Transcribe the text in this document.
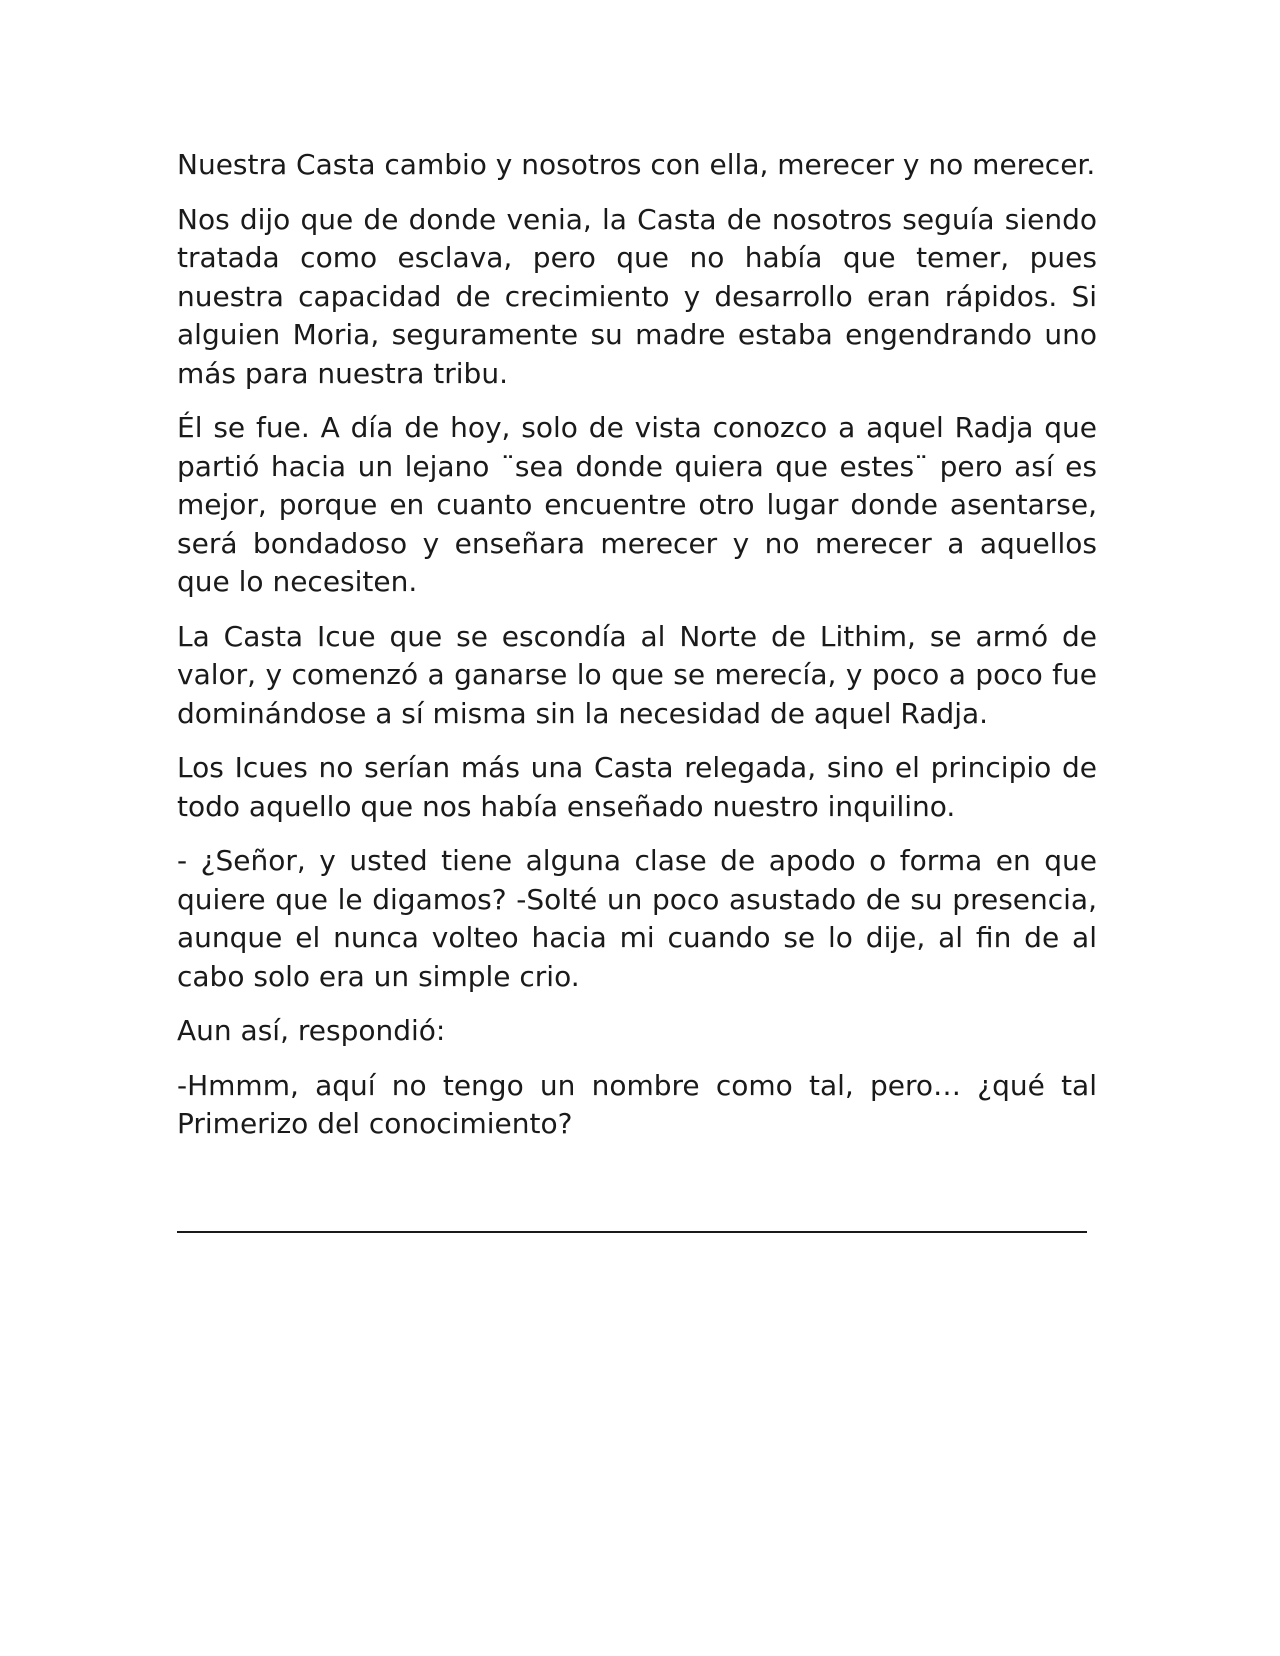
Nuestra Casta cambio y nosotros con ella, merecer y no merecer.

Nos dijo que de donde venia, la Casta de nosotros seguía siendo tratada como esclava, pero que no había que temer, pues nuestra capacidad de crecimiento y desarrollo eran rápidos. Si alguien Moria, seguramente su madre estaba engendrando uno más para nuestra tribu.

Él se fue. A día de hoy, solo de vista conozco a aquel Radja que partió hacia un lejano ¨sea donde quiera que estes¨ pero así es mejor, porque en cuanto encuentre otro lugar donde asentarse, será bondadoso y enseñara merecer y no merecer a aquellos que lo necesiten.

La Casta Icue que se escondía al Norte de Lithim, se armó de valor, y comenzó a ganarse lo que se merecía, y poco a poco fue dominándose a sí misma sin la necesidad de aquel Radja.

Los Icues no serían más una Casta relegada, sino el principio de todo aquello que nos había enseñado nuestro inquilino.

- ¿Señor, y usted tiene alguna clase de apodo o forma en que quiere que le digamos? -Solté un poco asustado de su presencia, aunque el nunca volteo hacia mi cuando se lo dije, al fin de al cabo solo era un simple crio.

Aun así, respondió:

-Hmmm, aquí no tengo un nombre como tal, pero… ¿qué tal Primerizo del conocimiento?
